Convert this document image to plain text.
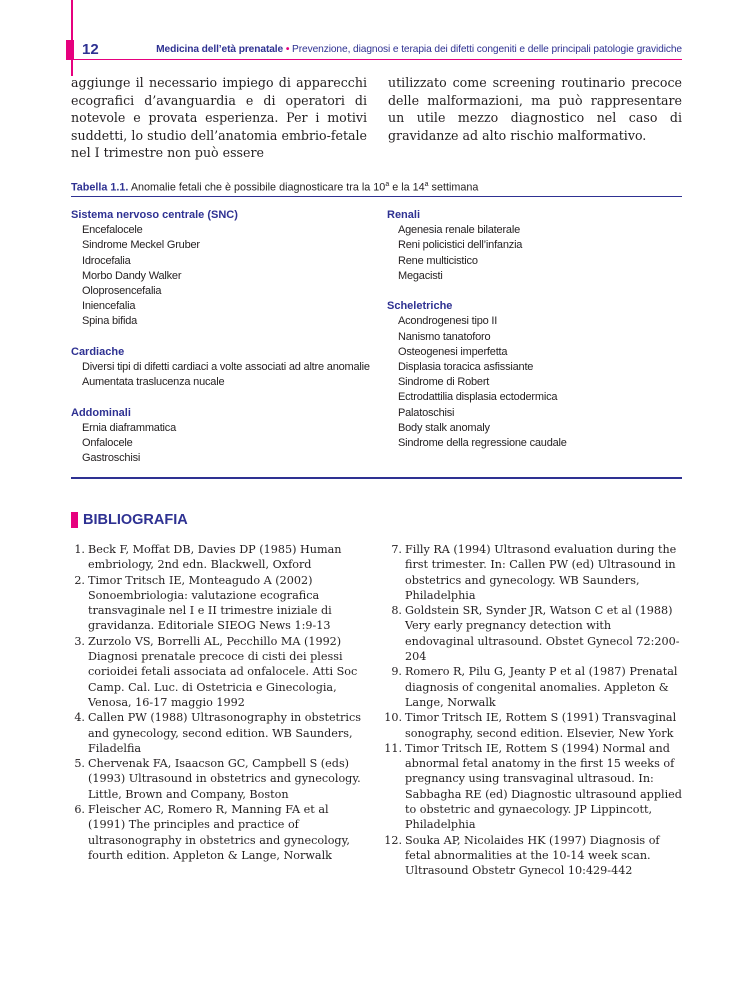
12	Medicina dell’età prenatale • Prevenzione, diagnosi e terapia dei difetti congeniti e delle principali patologie gravidiche

aggiunge il necessario impiego di apparecchi ecografici d’avanguardia e di operatori di notevole e provata esperienza. Per i motivi suddetti, lo studio dell’anatomia embrio-fetale nel I trimestre non può essere

utilizzato come screening routinario precoce delle malformazioni, ma può rappresentare un utile mezzo diagnostico nel caso di gravidanze ad alto rischio malformativo.

Tabella 1.1. Anomalie fetali che è possibile diagnosticare tra la 10$^a$ e la 14$^a$ settimana
Sistema nervoso centrale (SNC)
Encefalocele
Sindrome Meckel Gruber
Idrocefalia
Morbo Dandy Walker
Oloprosencefalia
Iniencefalia
Spina bifida
Cardiache
Diversi tipi di difetti cardiaci a volte associati ad altre anomalie
Aumentata traslucenza nucale
Addominali
Ernia diaframmatica
Onfalocele
Gastroschisi
Renali
Agenesia renale bilaterale
Reni policistici dell’infanzia
Rene multicistico
Megacisti
Scheletriche
Acondrogenesi tipo II
Nanismo tanatoforo
Osteogenesi imperfetta
Displasia toracica asfissiante
Sindrome di Robert
Ectrodattilia displasia ectodermica
Palatoschisi
Body stalk anomaly
Sindrome della regressione caudale
BIBLIOGRAFIA
1. Beck F, Moffat DB, Davies DP (1985) Human embriology, 2nd edn. Blackwell, Oxford
2. Timor Tritsch IE, Monteagudo A (2002) Sonoembriologia: valutazione ecografica transvaginale nel I e II trimestre iniziale di gravidanza. Editoriale SIEOG News 1:9-13
3. Zurzolo VS, Borrelli AL, Pecchillo MA (1992) Diagnosi prenatale precoce di cisti dei plessi corioidei fetali associata ad onfalocele. Atti Soc Camp. Cal. Luc. di Ostetricia e Ginecologia, Venosa, 16-17 maggio 1992
4. Callen PW (1988) Ultrasonography in obstetrics and gynecology, second edition. WB Saunders, Filadelfia
5. Chervenak FA, Isaacson GC, Campbell S (eds) (1993) Ultrasound in obstetrics and gynecology. Little, Brown and Company, Boston
6. Fleischer AC, Romero R, Manning FA et al (1991) The principles and practice of ultrasonography in obstetrics and gynecology, fourth edition. Appleton & Lange, Norwalk
7. Filly RA (1994) Ultrasond evaluation during the first trimester. In: Callen PW (ed) Ultrasound in obstetrics and gynecology. WB Saunders, Philadelphia
8. Goldstein SR, Synder JR, Watson C et al (1988) Very early pregnancy detection with endovaginal ultrasound. Obstet Gynecol 72:200-204
9. Romero R, Pilu G, Jeanty P et al (1987) Prenatal diagnosis of congenital anomalies. Appleton & Lange, Norwalk
10. Timor Tritsch IE, Rottem S (1991) Transvaginal sonography, second edition. Elsevier, New York
11. Timor Tritsch IE, Rottem S (1994) Normal and abnormal fetal anatomy in the first 15 weeks of pregnancy using transvaginal ultrasoud. In: Sabbagha RE (ed) Diagnostic ultrasound applied to obstetric and gynaecology. JP Lippincott, Philadelphia
12. Souka AP, Nicolaides HK (1997) Diagnosis of fetal abnormalities at the 10-14 week scan. Ultrasound Obstetr Gynecol 10:429-442
